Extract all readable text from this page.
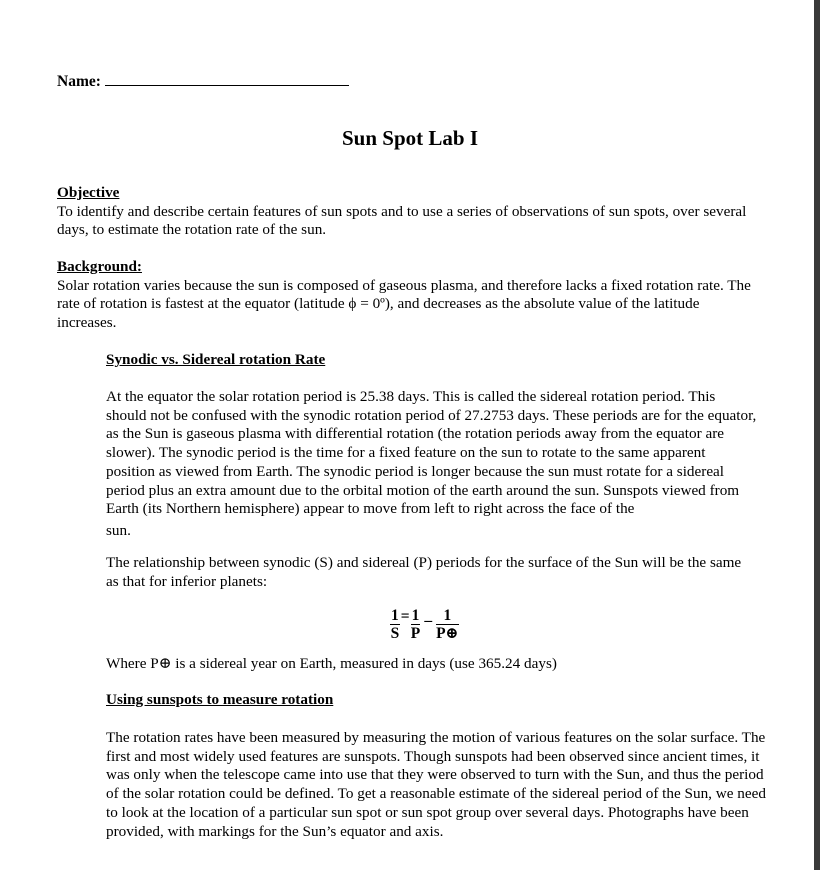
Name:
Sun Spot Lab I
Objective
To identify and describe certain features of sun spots and to use a series of observations of sun spots, over several days, to estimate the rotation rate of the sun.
Background:
Solar rotation varies because the sun is composed of gaseous plasma, and therefore lacks a fixed rotation rate. The rate of rotation is fastest at the equator (latitude ϕ = 0º), and decreases as the absolute value of the latitude increases.
Synodic vs. Sidereal rotation Rate
At the equator the solar rotation period is 25.38 days. This is called the sidereal rotation period. This should not be confused with the synodic rotation period of 27.2753 days. These periods are for the equator, as the Sun is gaseous plasma with differential rotation (the rotation periods away from the equator are slower). The synodic period is the time for a fixed feature on the sun to rotate to the same apparent position as viewed from Earth. The synodic period is longer because the sun must rotate for a sidereal period plus an extra amount due to the orbital motion of the earth around the sun. Sunspots viewed from Earth (its Northern hemisphere) appear to move from left to right across the face of the
sun.
The relationship between synodic (S) and sidereal (P) periods for the surface of the Sun will be the same as that for inferior planets:
$\frac{1}{S} = \frac{1}{P}$ _ $\frac{1}{P\oplus}$
Where P⊕ is a sidereal year on Earth, measured in days (use 365.24 days)
Using sunspots to measure rotation
The rotation rates have been measured by measuring the motion of various features on the solar surface. The first and most widely used features are sunspots. Though sunspots had been observed since ancient times, it was only when the telescope came into use that they were observed to turn with the Sun, and thus the period of the solar rotation could be defined. To get a reasonable estimate of the sidereal period of the Sun, we need to look at the location of a particular sun spot or sun spot group over several days. Photographs have been provided, with markings for the Sun’s equator and axis.
